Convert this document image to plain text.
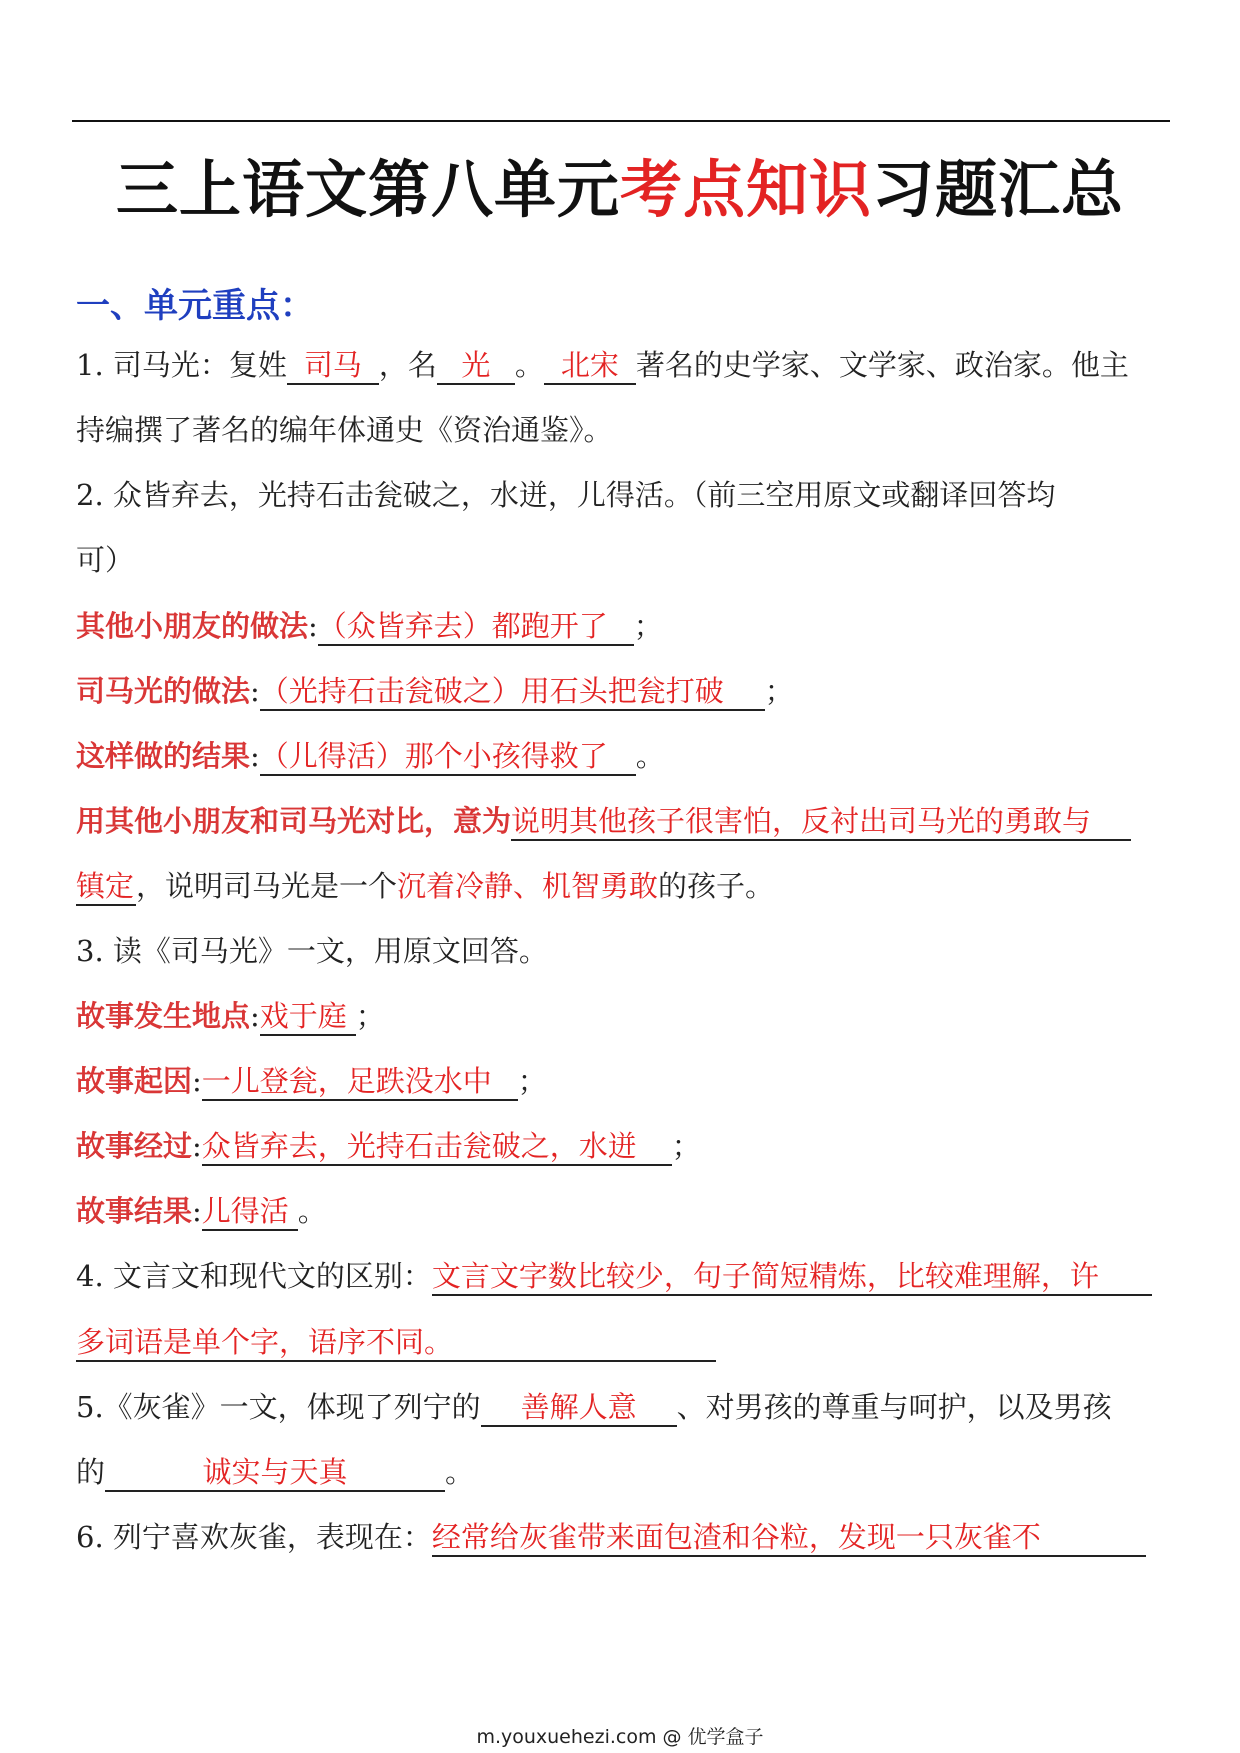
三上语文第八单元考点知识习题汇总
一、单元重点：
1. 司马光：复姓 司马 ，名 光 。 北宋 著名的史学家、文学家、政治家。他主
持编撰了著名的编年体通史《资治通鉴》。
2. 众皆弃去，光持石击瓮破之，水迸，儿得活。（前三空用原文或翻译回答均
可）
其他小朋友的做法:（众皆弃去）都跑开了 ；
司马光的做法:（光持石击瓮破之）用石头把瓮打破 ；
这样做的结果:（儿得活）那个小孩得救了 。
用其他小朋友和司马光对比，意为说明其他孩子很害怕，反衬出司马光的勇敢与
镇定，说明司马光是一个沉着冷静、机智勇敢的孩子。
3. 读《司马光》一文，用原文回答。
故事发生地点:戏于庭 ；
故事起因:一儿登瓮，足跌没水中 ；
故事经过:众皆弃去，光持石击瓮破之，水迸 ；
故事结果:儿得活 。
4. 文言文和现代文的区别：文言文字数比较少，句子简短精炼，比较难理解，许
多词语是单个字，语序不同。
5.《灰雀》一文，体现了列宁的 善解人意 、对男孩的尊重与呵护，以及男孩
的	诚实与天真	。
6. 列宁喜欢灰雀，表现在：经常给灰雀带来面包渣和谷粒，发现一只灰雀不
m.youxuehezi.com @ 优学盒子
